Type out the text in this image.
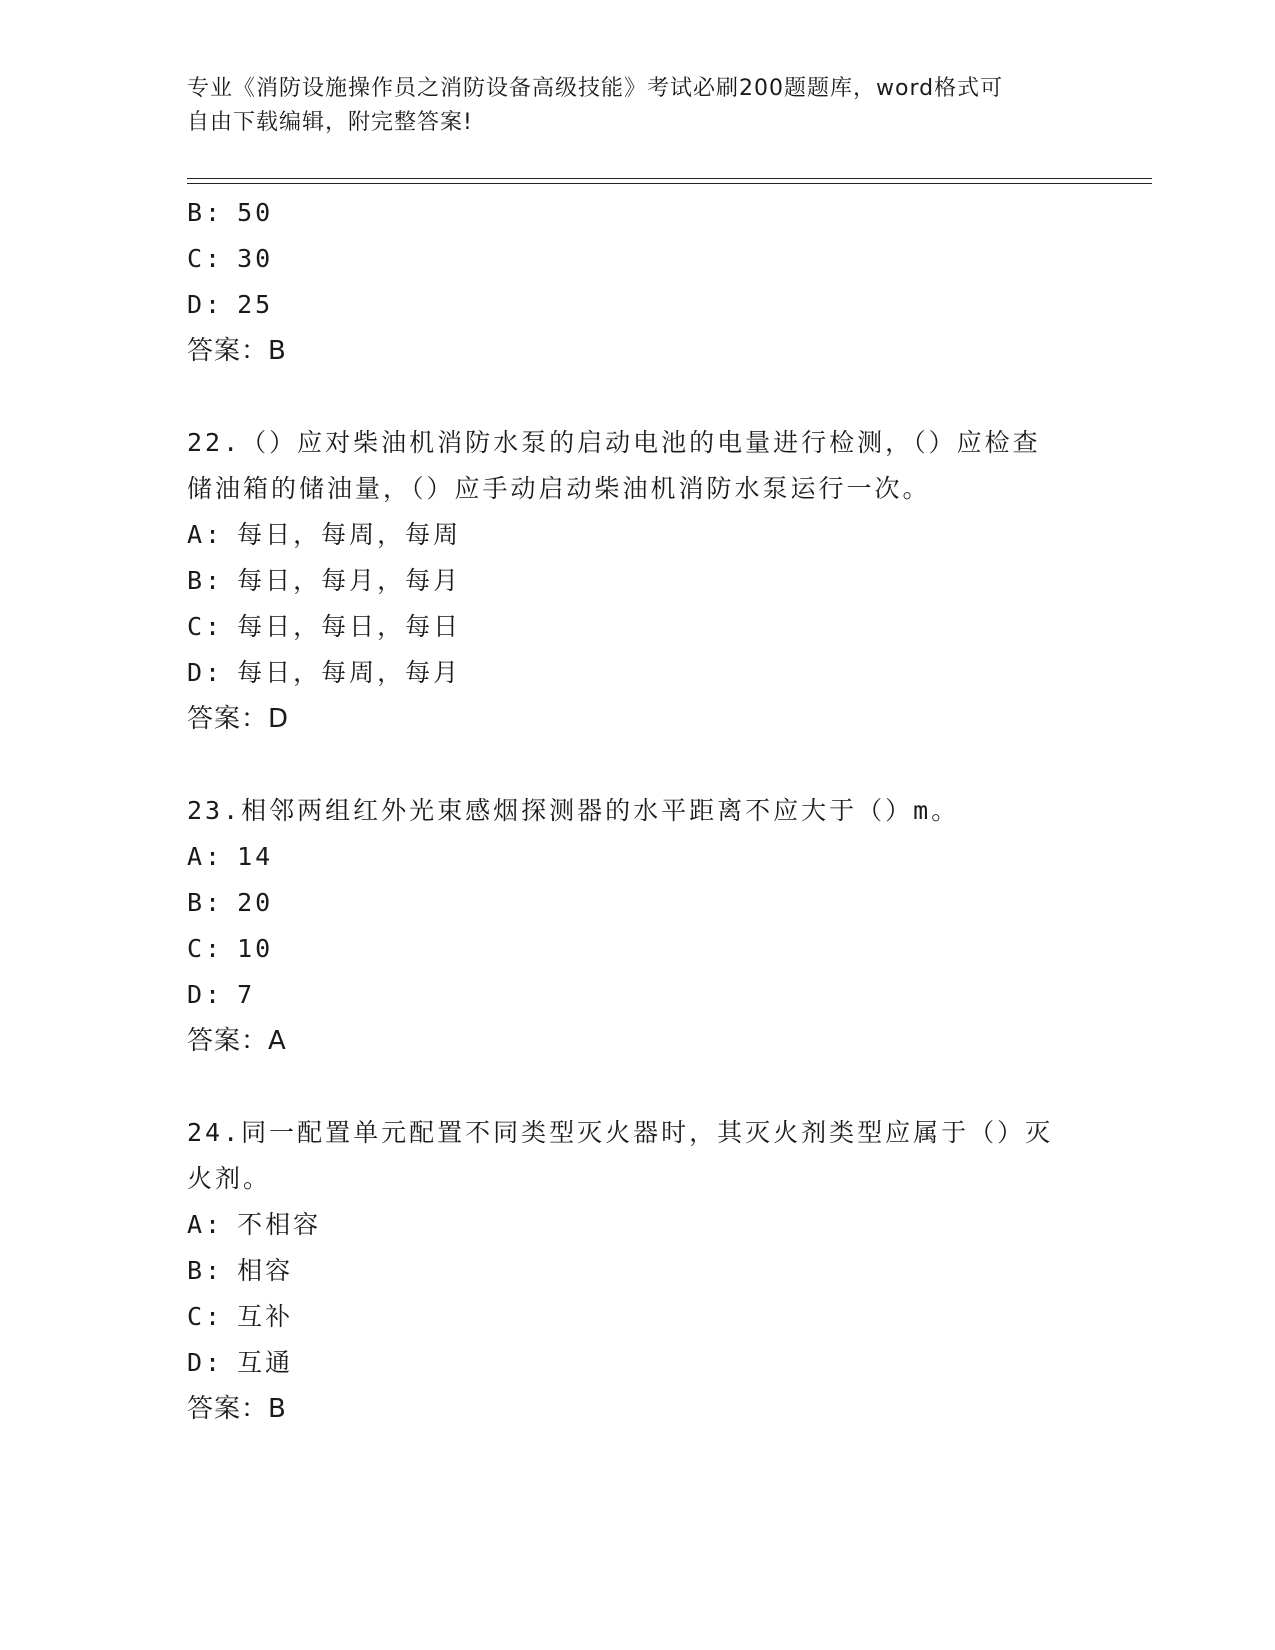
专业《消防设施操作员之消防设备高级技能》考试必刷200题题库，word格式可
自由下载编辑，附完整答案!
B: 50
C: 30
D: 25
答案：B
22.（）应对柴油机消防水泵的启动电池的电量进行检测，（）应检查
储油箱的储油量，（）应手动启动柴油机消防水泵运行一次。
A: 每日，每周，每周
B: 每日，每月，每月
C: 每日，每日，每日
D: 每日，每周，每月
答案：D
23.相邻两组红外光束感烟探测器的水平距离不应大于（）m。
A: 14
B: 20
C: 10
D: 7
答案：A
24.同一配置单元配置不同类型灭火器时，其灭火剂类型应属于（）灭
火剂。
A: 不相容
B: 相容
C: 互补
D: 互通
答案：B
